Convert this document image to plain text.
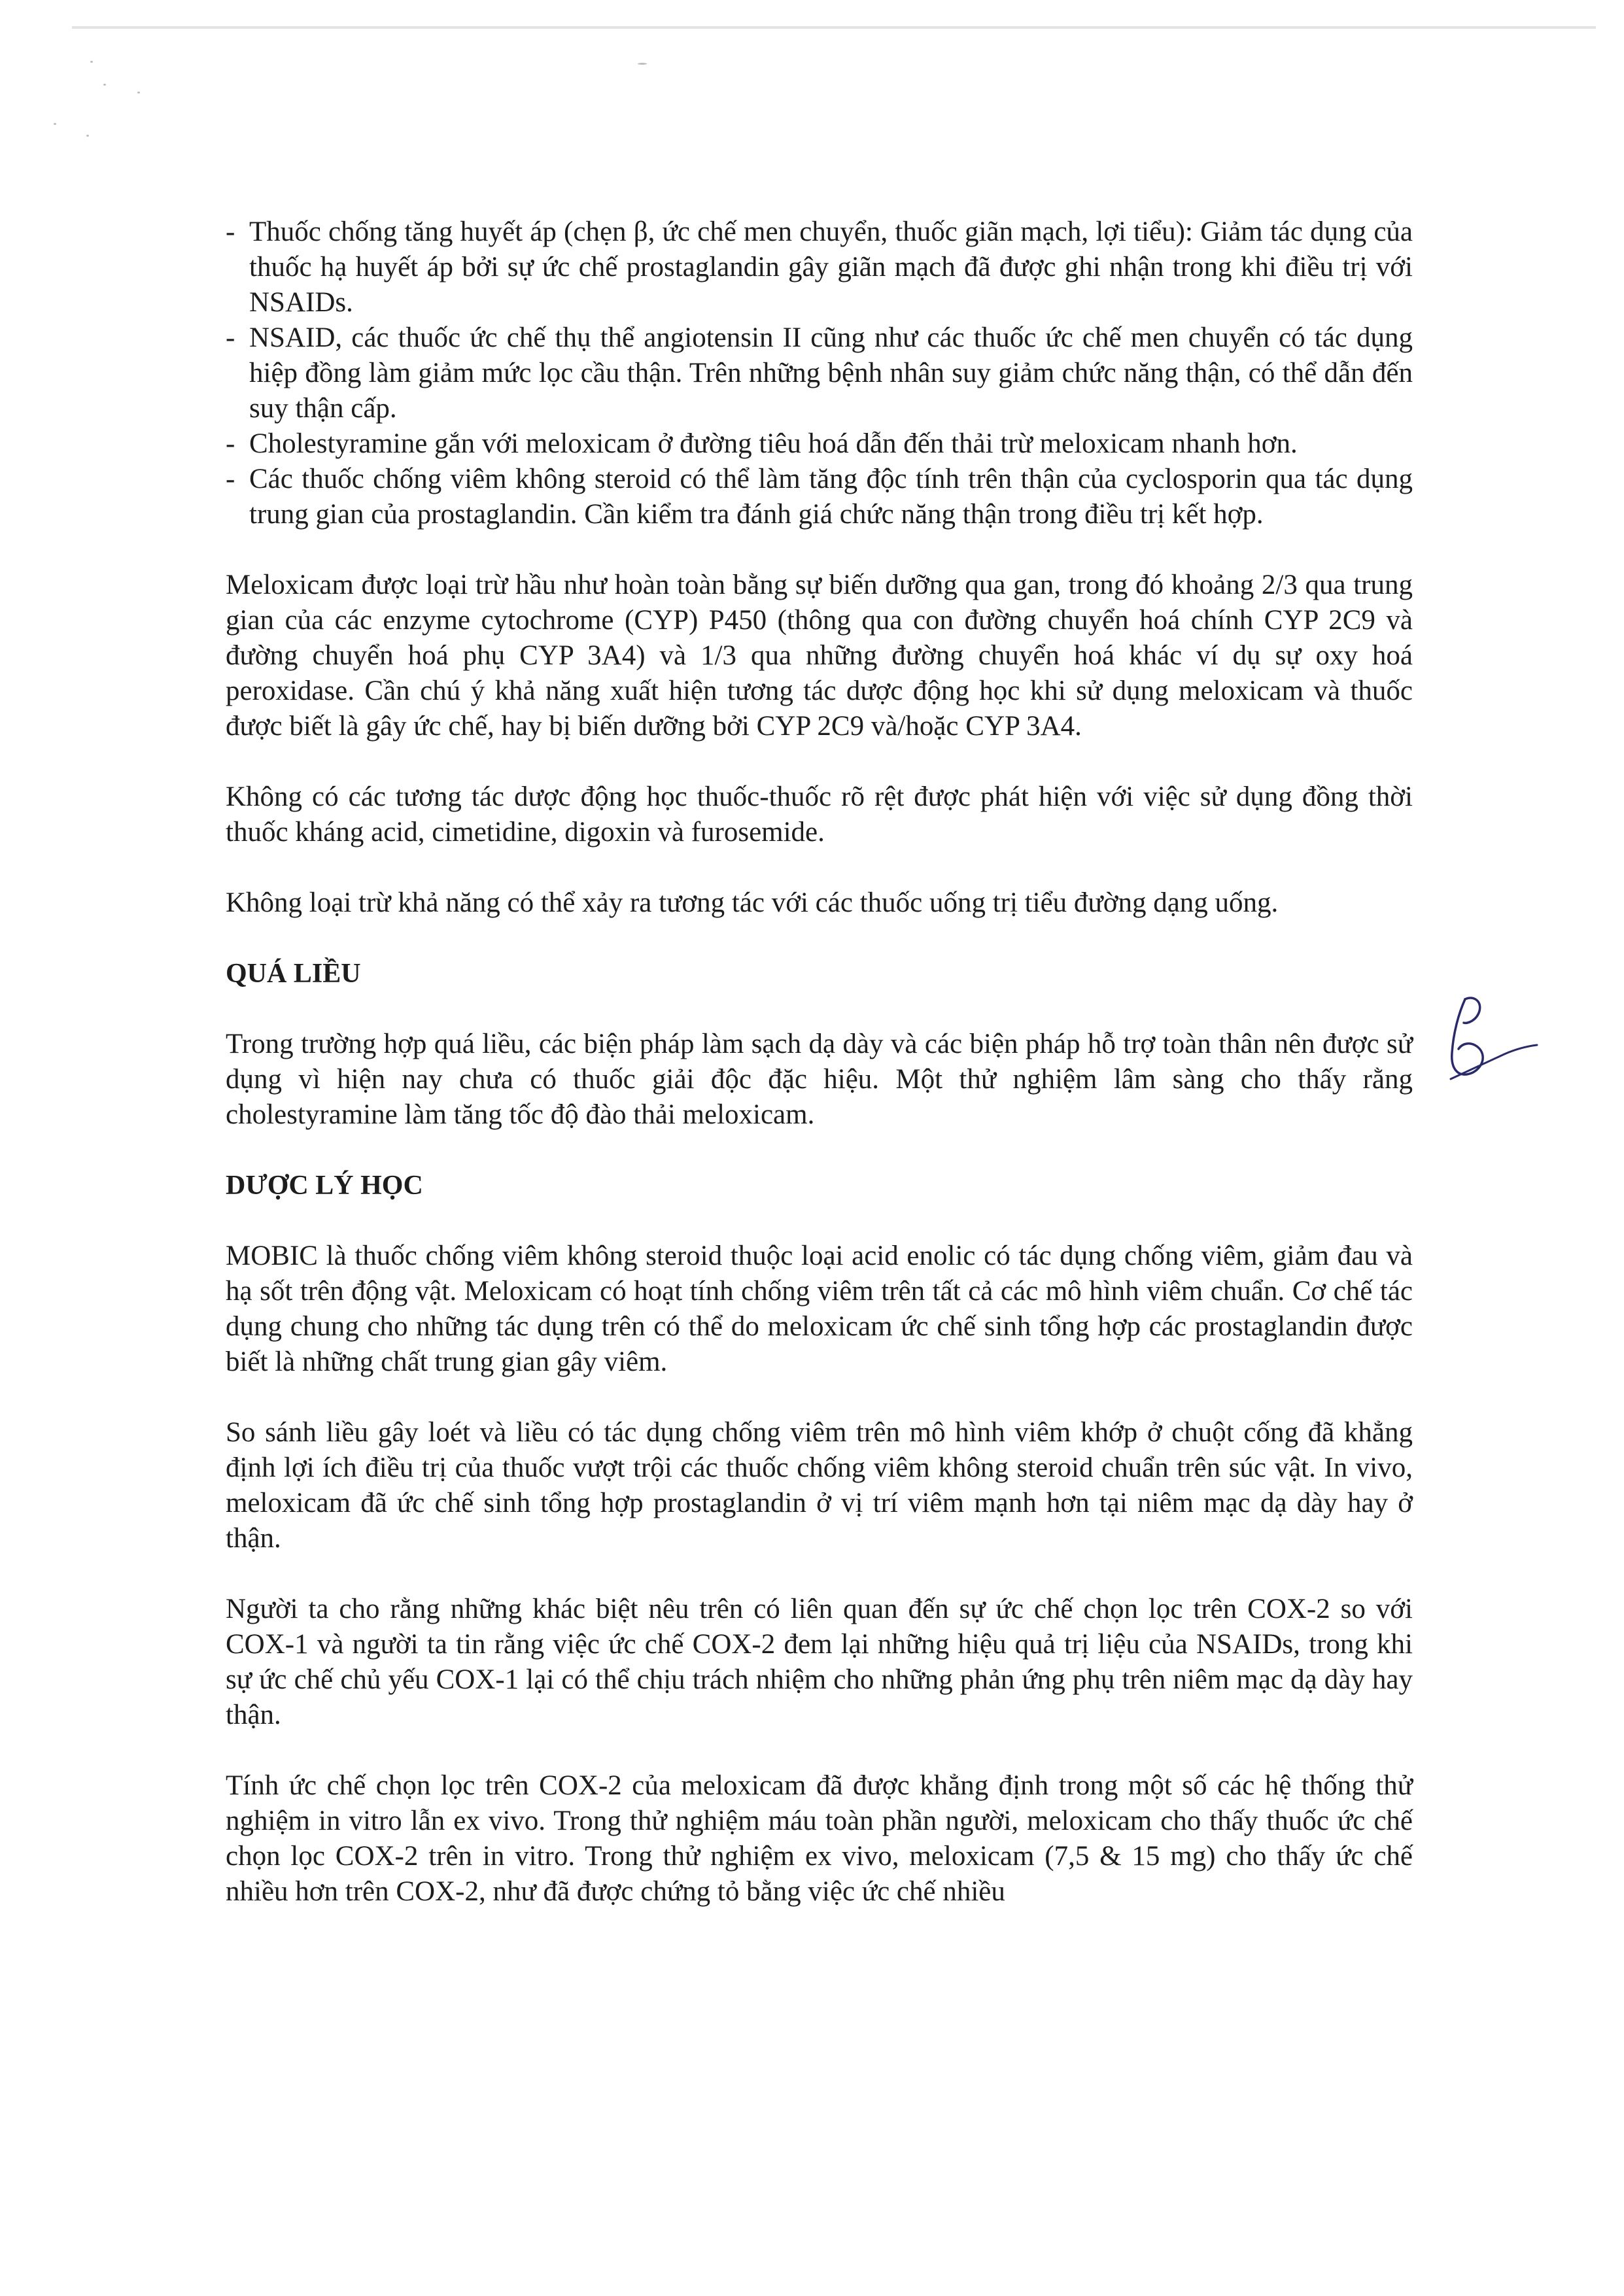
- Thuốc chống tăng huyết áp (chẹn β, ức chế men chuyển, thuốc giãn mạch, lợi tiểu): Giảm tác dụng của thuốc hạ huyết áp bởi sự ức chế prostaglandin gây giãn mạch đã được ghi nhận trong khi điều trị với NSAIDs.
- NSAID, các thuốc ức chế thụ thể angiotensin II cũng như các thuốc ức chế men chuyển có tác dụng hiệp đồng làm giảm mức lọc cầu thận. Trên những bệnh nhân suy giảm chức năng thận, có thể dẫn đến suy thận cấp.
- Cholestyramine gắn với meloxicam ở đường tiêu hoá dẫn đến thải trừ meloxicam nhanh hơn.
- Các thuốc chống viêm không steroid có thể làm tăng độc tính trên thận của cyclosporin qua tác dụng trung gian của prostaglandin. Cần kiểm tra đánh giá chức năng thận trong điều trị kết hợp.

Meloxicam được loại trừ hầu như hoàn toàn bằng sự biến dưỡng qua gan, trong đó khoảng 2/3 qua trung gian của các enzyme cytochrome (CYP) P450 (thông qua con đường chuyển hoá chính CYP 2C9 và đường chuyển hoá phụ CYP 3A4) và 1/3 qua những đường chuyển hoá khác ví dụ sự oxy hoá peroxidase. Cần chú ý khả năng xuất hiện tương tác dược động học khi sử dụng meloxicam và thuốc được biết là gây ức chế, hay bị biến dưỡng bởi CYP 2C9 và/hoặc CYP 3A4.

Không có các tương tác dược động học thuốc-thuốc rõ rệt được phát hiện với việc sử dụng đồng thời thuốc kháng acid, cimetidine, digoxin và furosemide.

Không loại trừ khả năng có thể xảy ra tương tác với các thuốc uống trị tiểu đường dạng uống.

QUÁ LIỀU

Trong trường hợp quá liều, các biện pháp làm sạch dạ dày và các biện pháp hỗ trợ toàn thân nên được sử dụng vì hiện nay chưa có thuốc giải độc đặc hiệu. Một thử nghiệm lâm sàng cho thấy rằng cholestyramine làm tăng tốc độ đào thải meloxicam.

DƯỢC LÝ HỌC

MOBIC là thuốc chống viêm không steroid thuộc loại acid enolic có tác dụng chống viêm, giảm đau và hạ sốt trên động vật. Meloxicam có hoạt tính chống viêm trên tất cả các mô hình viêm chuẩn. Cơ chế tác dụng chung cho những tác dụng trên có thể do meloxicam ức chế sinh tổng hợp các prostaglandin được biết là những chất trung gian gây viêm.

So sánh liều gây loét và liều có tác dụng chống viêm trên mô hình viêm khớp ở chuột cống đã khẳng định lợi ích điều trị của thuốc vượt trội các thuốc chống viêm không steroid chuẩn trên súc vật. In vivo, meloxicam đã ức chế sinh tổng hợp prostaglandin ở vị trí viêm mạnh hơn tại niêm mạc dạ dày hay ở thận.

Người ta cho rằng những khác biệt nêu trên có liên quan đến sự ức chế chọn lọc trên COX-2 so với COX-1 và người ta tin rằng việc ức chế COX-2 đem lại những hiệu quả trị liệu của NSAIDs, trong khi sự ức chế chủ yếu COX-1 lại có thể chịu trách nhiệm cho những phản ứng phụ trên niêm mạc dạ dày hay thận.

Tính ức chế chọn lọc trên COX-2 của meloxicam đã được khẳng định trong một số các hệ thống thử nghiệm in vitro lẫn ex vivo. Trong thử nghiệm máu toàn phần người, meloxicam cho thấy thuốc ức chế chọn lọc COX-2 trên in vitro. Trong thử nghiệm ex vivo, meloxicam (7,5 & 15 mg) cho thấy ức chế nhiều hơn trên COX-2, như đã được chứng tỏ bằng việc ức chế nhiều
